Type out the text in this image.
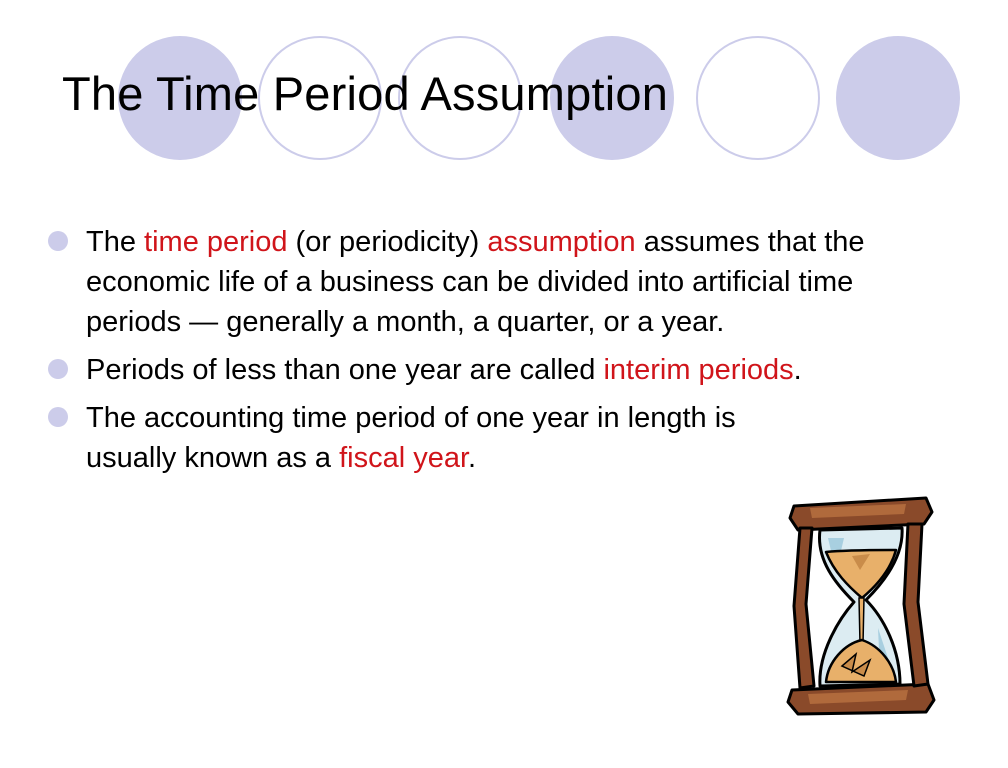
The Time Period Assumption
The time period (or periodicity) assumption assumes that the economic life of a business can be divided into artificial time periods — generally a month, a quarter, or a year.
Periods of less than one year are called interim periods.
The accounting time period of one year in length is usually known as a fiscal year.
